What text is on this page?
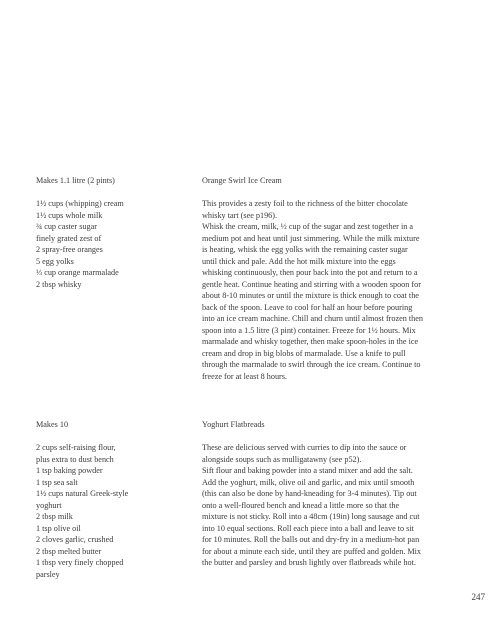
Makes 1.1 litre (2 pints)

1½ cups (whipping) cream
1½ cups whole milk
¾ cup caster sugar
finely grated zest of
2 spray-free oranges
5 egg yolks
⅓ cup orange marmalade
2 tbsp whisky

Orange Swirl Ice Cream

This provides a zesty foil to the richness of the bitter chocolate whisky tart (see p196).

Whisk the cream, milk, ½ cup of the sugar and zest together in a medium pot and heat until just simmering. While the milk mixture is heating, whisk the egg yolks with the remaining caster sugar until thick and pale. Add the hot milk mixture into the eggs whisking continuously, then pour back into the pot and return to a gentle heat. Continue heating and stirring with a wooden spoon for about 8-10 minutes or until the mixture is thick enough to coat the back of the spoon. Leave to cool for half an hour before pouring into an ice cream machine. Chill and churn until almost frozen then spoon into a 1.5 litre (3 pint) container. Freeze for 1½ hours. Mix marmalade and whisky together, then make spoon-holes in the ice cream and drop in big blobs of marmalade. Use a knife to pull through the marmalade to swirl through the ice cream. Continue to freeze for at least 8 hours.

Makes 10

2 cups self-raising flour,
plus extra to dust bench
1 tsp baking powder
1 tsp sea salt
1½ cups natural Greek-style
yoghurt
2 tbsp milk
1 tsp olive oil
2 cloves garlic, crushed
2 tbsp melted butter
1 tbsp very finely chopped
parsley

Yoghurt Flatbreads

These are delicious served with curries to dip into the sauce or alongside soups such as mulligatawny (see p52).

Sift flour and baking powder into a stand mixer and add the salt. Add the yoghurt, milk, olive oil and garlic, and mix until smooth (this can also be done by hand-kneading for 3-4 minutes). Tip out onto a well-floured bench and knead a little more so that the mixture is not sticky. Roll into a 48cm (19in) long sausage and cut into 10 equal sections. Roll each piece into a ball and leave to sit for 10 minutes. Roll the balls out and dry-fry in a medium-hot pan for about a minute each side, until they are puffed and golden. Mix the butter and parsley and brush lightly over flatbreads while hot.

247
